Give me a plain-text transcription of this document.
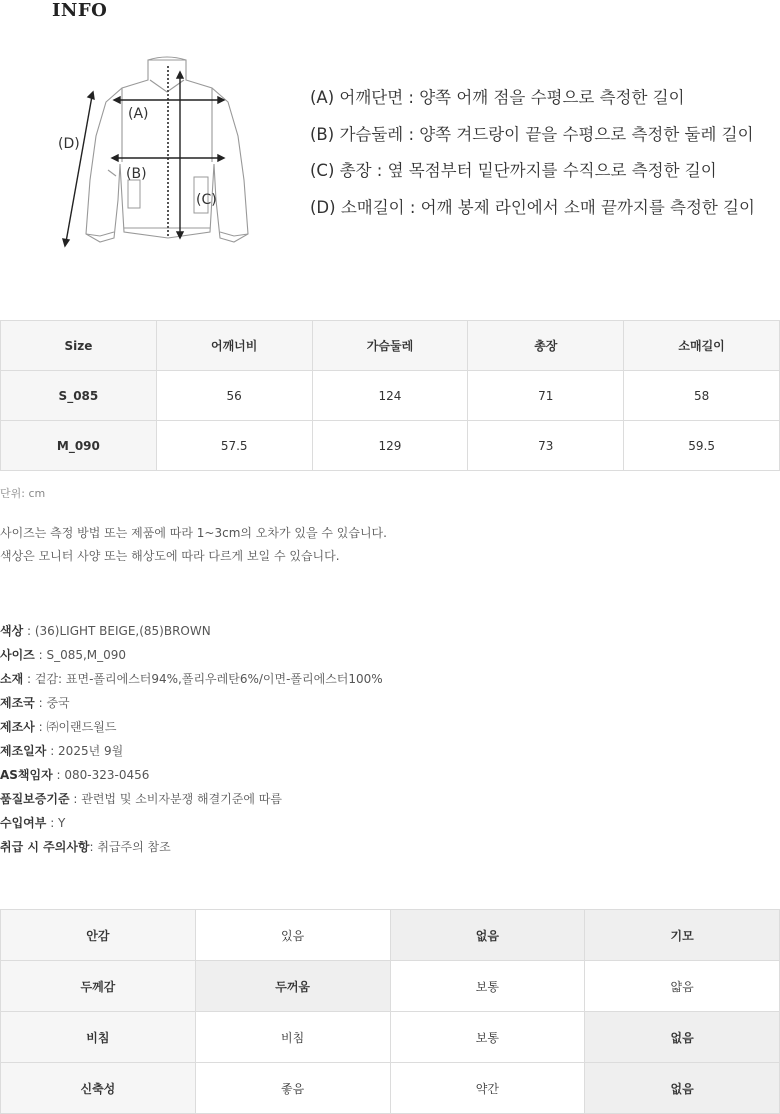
INFO
(A)
(B)
(C)
(D)
(A) 어깨단면 : 양쪽 어깨 점을 수평으로 측정한 길이
(B) 가슴둘레 : 양쪽 겨드랑이 끝을 수평으로 측정한 둘레 길이
(C) 총장 : 옆 목점부터 밑단까지를 수직으로 측정한 길이
(D) 소매길이 : 어깨 봉제 라인에서 소매 끝까지를 측정한 길이
Size	어깨너비	가슴둘레	총장	소매길이
S_085	56	124	71	58
M_090	57.5	129	73	59.5
단위: cm
사이즈는 측정 방법 또는 제품에 따라 1~3cm의 오차가 있을 수 있습니다.
색상은 모니터 사양 또는 해상도에 따라 다르게 보일 수 있습니다.
색상 : (36)LIGHT BEIGE,(85)BROWN
사이즈 : S_085,M_090
소재 : 겉감: 표면-폴리에스터94%,폴리우레탄6%/이면-폴리에스터100%
제조국 : 중국
제조사 : ㈜이랜드월드
제조일자 : 2025년 9월
AS책임자 : 080-323-0456
품질보증기준 : 관련법 및 소비자분쟁 해결기준에 따름
수입여부 : Y
취급 시 주의사항: 취급주의 참조
안감	있음	없음	기모
두께감	두꺼움	보통	얇음
비침	비침	보통	없음
신축성	좋음	약간	없음
